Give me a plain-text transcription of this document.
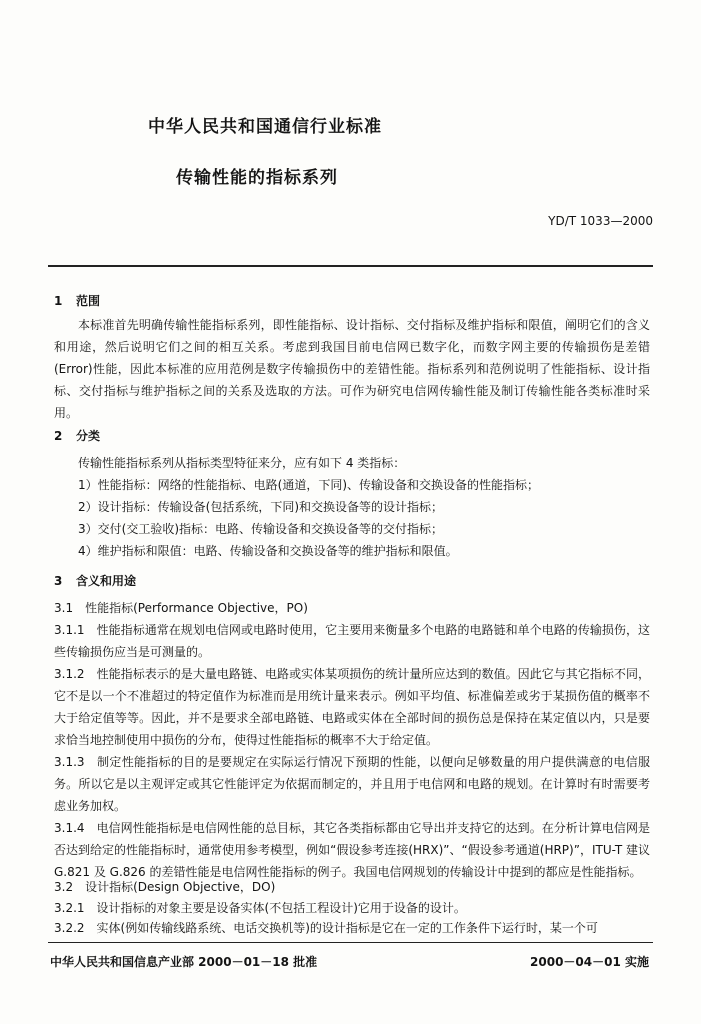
中华人民共和国通信行业标准
传输性能的指标系列
YD/T 1033—2000
1 范围
本标准首先明确传输性能指标系列，即性能指标、设计指标、交付指标及维护指标和限值，阐明它们的含义和用途，然后说明它们之间的相互关系。考虑到我国目前电信网已数字化，而数字网主要的传输损伤是差错(Error)性能，因此本标准的应用范例是数字传输损伤中的差错性能。指标系列和范例说明了性能指标、设计指标、交付指标与维护指标之间的关系及选取的方法。可作为研究电信网传输性能及制订传输性能各类标准时采用。
2 分类
传输性能指标系列从指标类型特征来分，应有如下 4 类指标：
1）性能指标：网络的性能指标、电路(通道，下同)、传输设备和交换设备的性能指标；
2）设计指标：传输设备(包括系统，下同)和交换设备等的设计指标；
3）交付(交工验收)指标：电路、传输设备和交换设备等的交付指标；
4）维护指标和限值：电路、传输设备和交换设备等的维护指标和限值。
3 含义和用途
3.1　性能指标(Performance Objective，PO)
3.1.1　性能指标通常在规划电信网或电路时使用，它主要用来衡量多个电路的电路链和单个电路的传输损伤，这些传输损伤应当是可测量的。
3.1.2　性能指标表示的是大量电路链、电路或实体某项损伤的统计量所应达到的数值。因此它与其它指标不同，它不是以一个不准超过的特定值作为标准而是用统计量来表示。例如平均值、标准偏差或劣于某损伤值的概率不大于给定值等等。因此，并不是要求全部电路链、电路或实体在全部时间的损伤总是保持在某定值以内，只是要求恰当地控制使用中损伤的分布，使得过性能指标的概率不大于给定值。
3.1.3　制定性能指标的目的是要规定在实际运行情况下预期的性能，以便向足够数量的用户提供满意的电信服务。所以它是以主观评定或其它性能评定为依据而制定的，并且用于电信网和电路的规划。在计算时有时需要考虑业务加权。
3.1.4　电信网性能指标是电信网性能的总目标，其它各类指标都由它导出并支持它的达到。在分析计算电信网是否达到给定的性能指标时，通常使用参考模型，例如“假设参考连接(HRX)”、“假设参考通道(HRP)”，ITU-T 建议 G.821 及 G.826 的差错性能是电信网性能指标的例子。我国电信网规划的传输设计中提到的都应是性能指标。
3.2　设计指标(Design Objective，DO)
3.2.1　设计指标的对象主要是设备实体(不包括工程设计)它用于设备的设计。
3.2.2　实体(例如传输线路系统、电话交换机等)的设计指标是它在一定的工作条件下运行时，某一个可
中华人民共和国信息产业部 2000－01－18 批准	2000－04－01 实施
